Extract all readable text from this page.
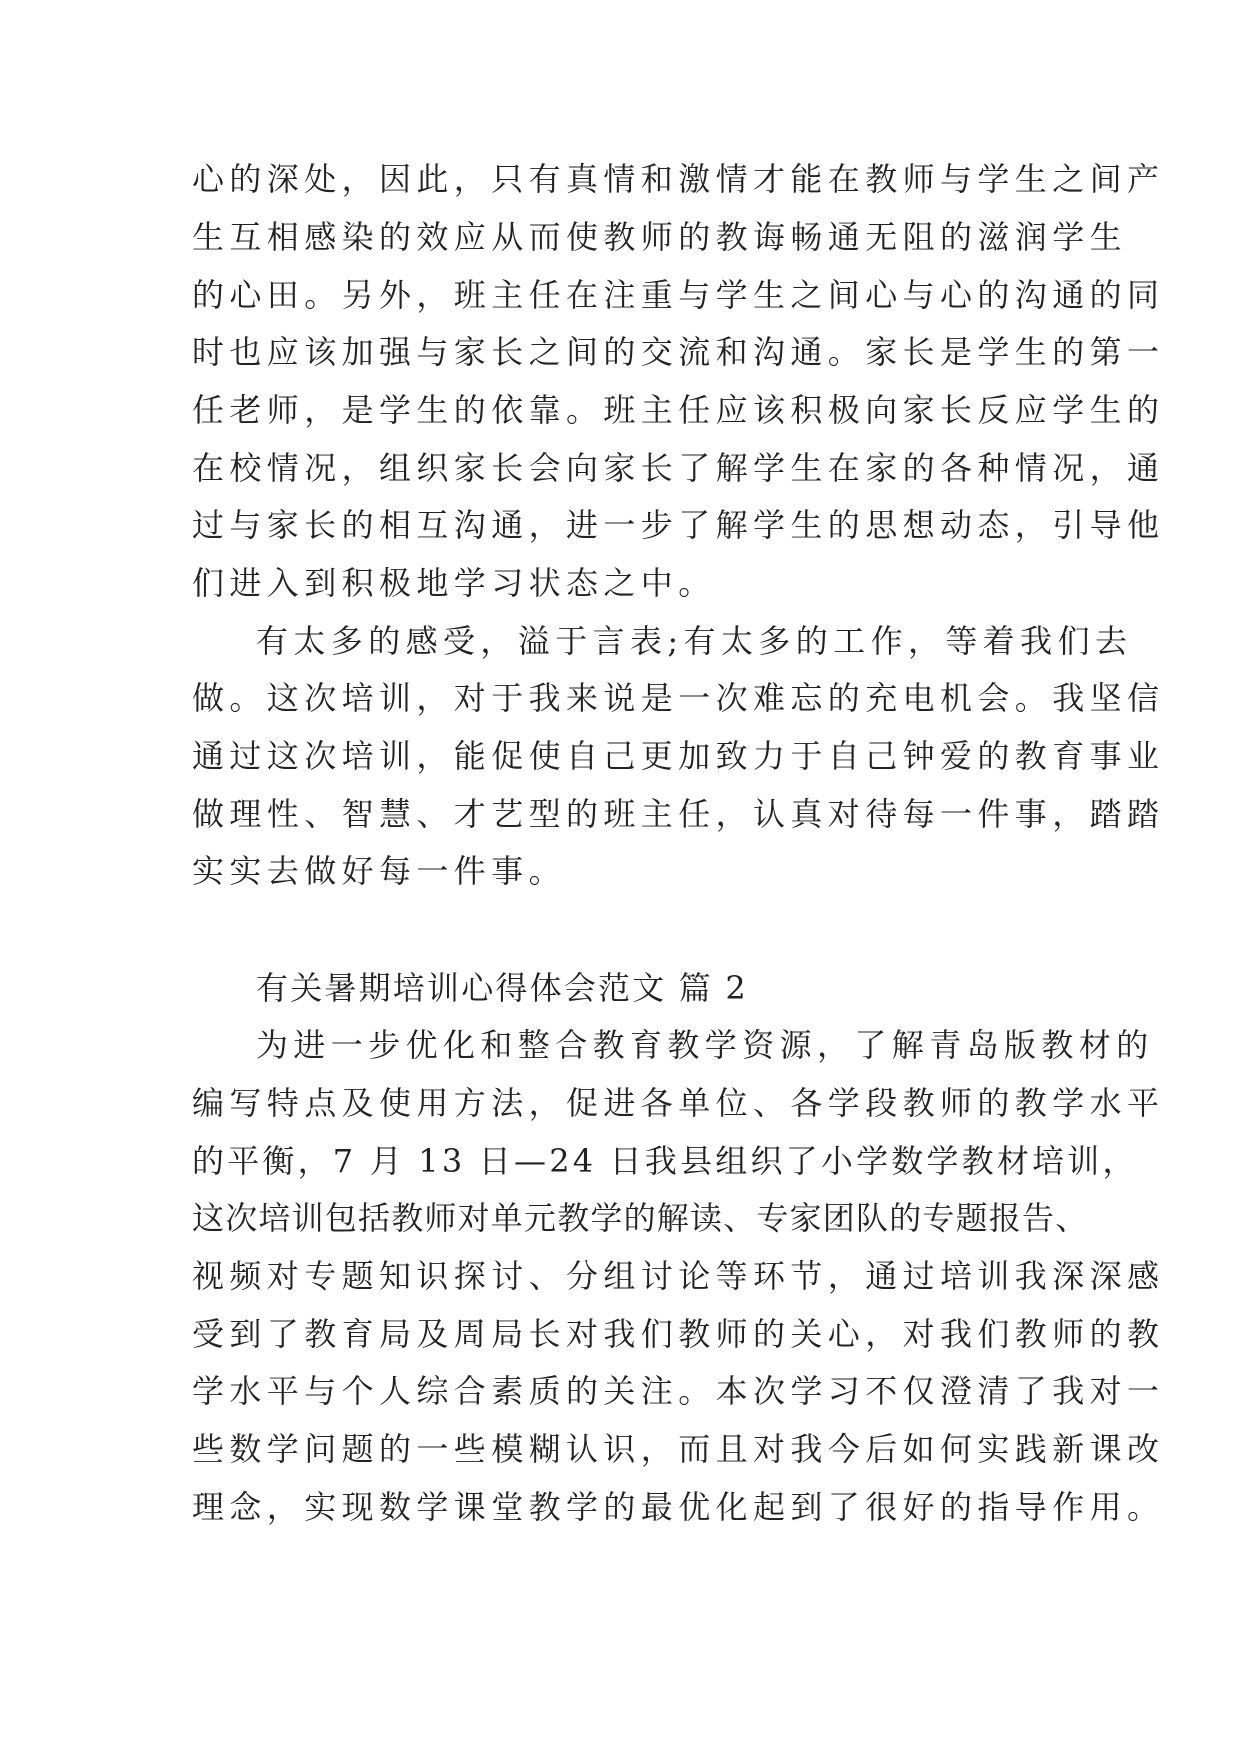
心的深处，因此，只有真情和激情才能在教师与学生之间产
生互相感染的效应从而使教师的教诲畅通无阻的滋润学生
的心田。另外，班主任在注重与学生之间心与心的沟通的同
时也应该加强与家长之间的交流和沟通。家长是学生的第一
任老师，是学生的依靠。班主任应该积极向家长反应学生的
在校情况，组织家长会向家长了解学生在家的各种情况，通
过与家长的相互沟通，进一步了解学生的思想动态，引导他
们进入到积极地学习状态之中。
有太多的感受，溢于言表;有太多的工作，等着我们去
做。这次培训，对于我来说是一次难忘的充电机会。我坚信
通过这次培训，能促使自己更加致力于自己钟爱的教育事业
做理性、智慧、才艺型的班主任，认真对待每一件事，踏踏
实实去做好每一件事。
有关暑期培训心得体会范文 篇 2
为进一步优化和整合教育教学资源，了解青岛版教材的
编写特点及使用方法，促进各单位、各学段教师的教学水平
的平衡，7 月 13 日—24 日我县组织了小学数学教材培训，
这次培训包括教师对单元教学的解读、专家团队的专题报告、
视频对专题知识探讨、分组讨论等环节，通过培训我深深感
受到了教育局及周局长对我们教师的关心，对我们教师的教
学水平与个人综合素质的关注。本次学习不仅澄清了我对一
些数学问题的一些模糊认识，而且对我今后如何实践新课改
理念，实现数学课堂教学的最优化起到了很好的指导作用。
